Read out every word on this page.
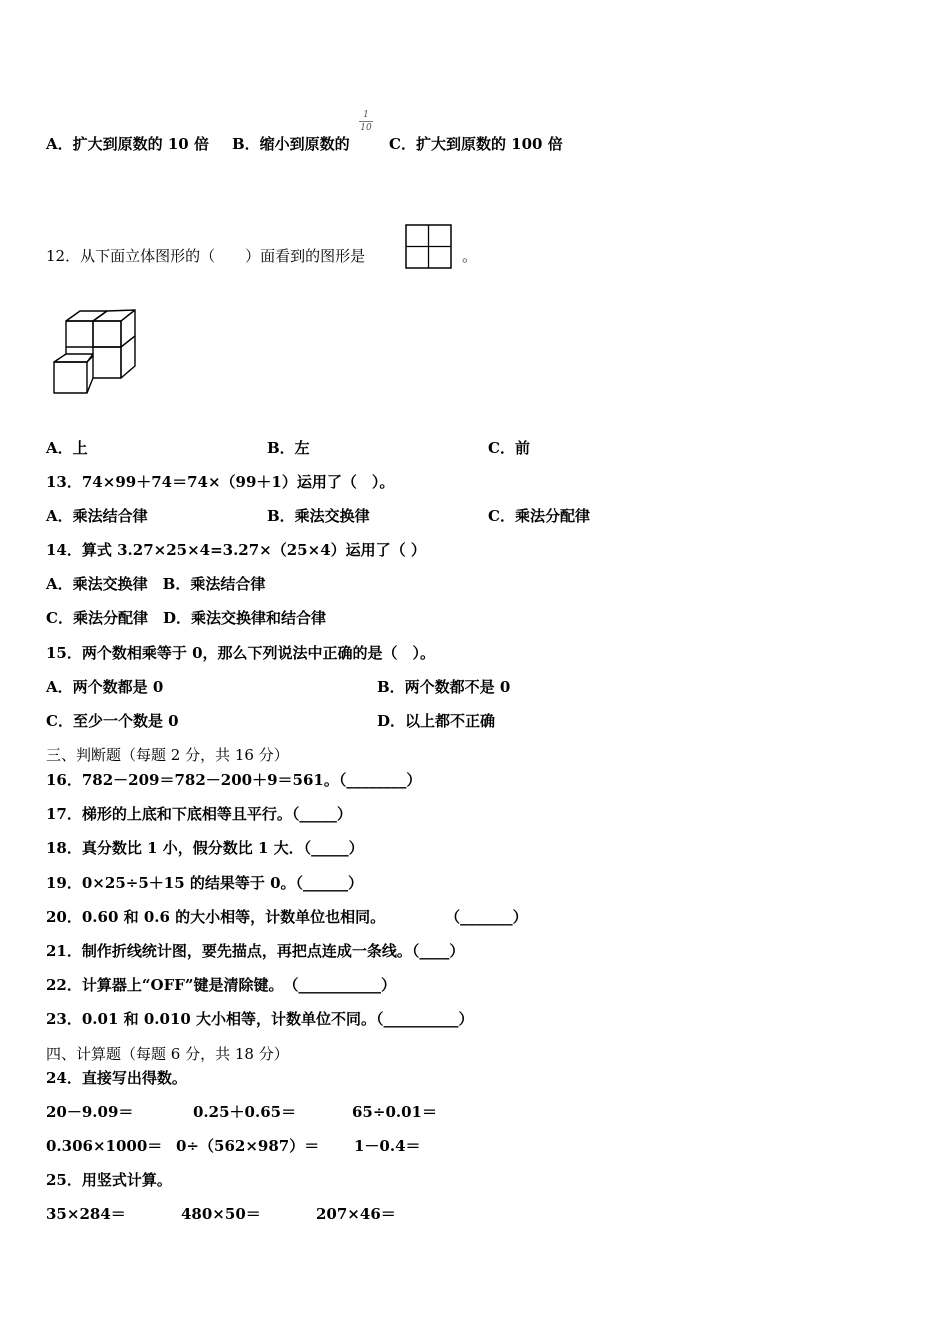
A．扩大到原数的 10 倍 B．缩小到原数的
1
10
C．扩大到原数的 100 倍
12．从下面立体图形的（　　）面看到的图形是	。
A．上	B．左	C．前
13．74×99＋74＝74×（99＋1）运用了（　）。
A．乘法结合律	B．乘法交换律	C．乘法分配律
14．算式 3.27×25×4=3.27×（25×4）运用了（ ）
A．乘法交换律　B．乘法结合律
C．乘法分配律　D．乘法交换律和结合律
15．两个数相乘等于 0，那么下列说法中正确的是（　）。
A．两个数都是 0	B．两个数都不是 0
C．至少一个数是 0	D．以上都不正确
三、判断题（每题 2 分，共 16 分）
16．782－209＝782－200＋9＝561。（________）
17．梯形的上底和下底相等且平行。（_____）
18．真分数比 1 小，假分数比 1 大．（_____）
19．0×25÷5＋15 的结果等于 0。（______）
20．0.60 和 0.6 的大小相等，计数单位也相同。　　　　　（_______）
21．制作折线统计图，要先描点，再把点连成一条线。（____）
22．计算器上“OFF”键是清除键。　（___________）
23．0.01 和 0.010 大小相等，计数单位不同。（__________）
四、计算题（每题 6 分，共 18 分）
24．直接写出得数。
20－9.09＝	0.25＋0.65＝	65÷0.01＝
0.306×1000＝ 0÷（562×987）＝ 1－0.4＝
25．用竖式计算。
35×284＝	480×50＝	207×46＝
